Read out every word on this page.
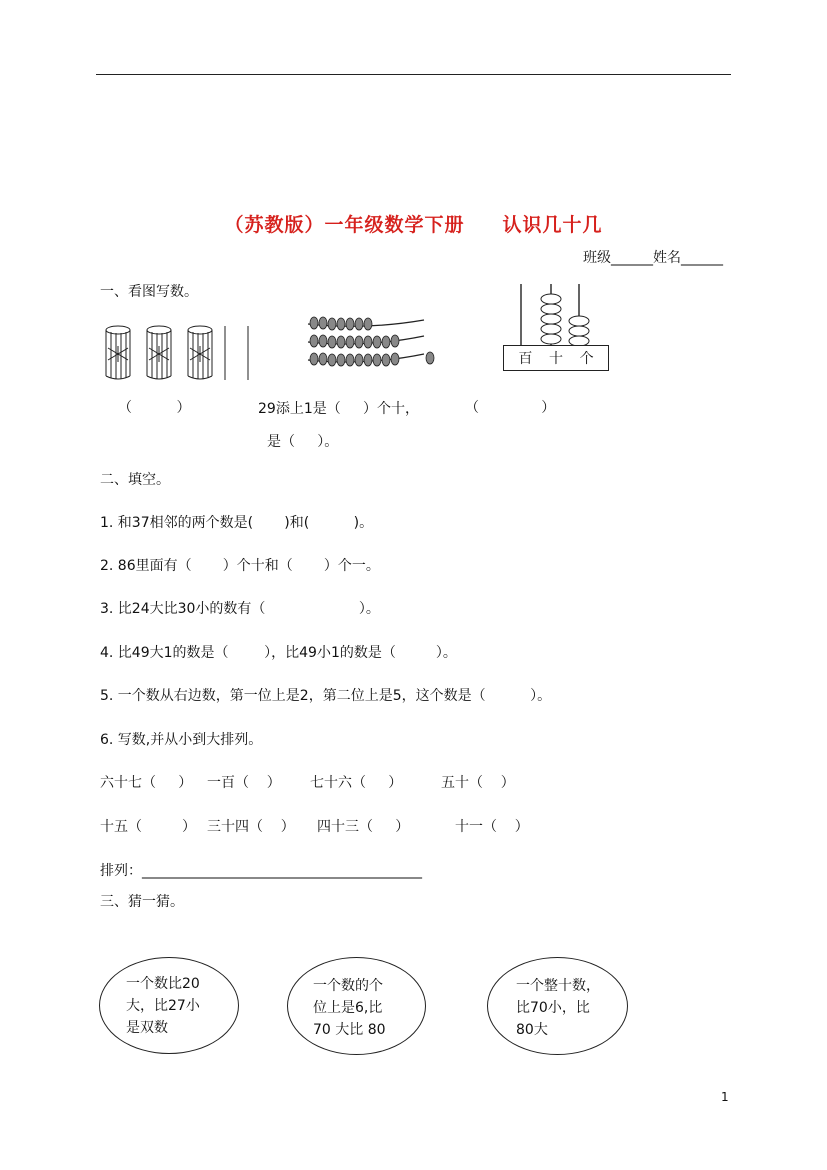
（苏教版）一年级数学下册     认识几十几
班级______姓名______
一、看图写数。
百 十 个
（          ）	29添上1是（     ）个十，	（              ）
是（     ）。
二、填空。
1. 和37相邻的两个数是(       )和(          )。
2. 86里面有（       ）个十和（       ）个一。
3. 比24大比30小的数有（                     ）。
4. 比49大1的数是（        ），比49小1的数是（         ）。
5. 一个数从右边数，第一位上是2，第二位上是5，这个数是（          ）。
6. 写数,并从小到大排列。
六十七（     ） 一百（    ） 七十六（     ）	五十（    ）
十五（         ） 三十四（    ） 四十三（     ）	十一（    ）
排列：________________________________________
三、猜一猜。
一个数比20
大，比27小
是双数
一个数的个
位上是6,比
70 大比 80
一个整十数，
比70小，比
80大
1
